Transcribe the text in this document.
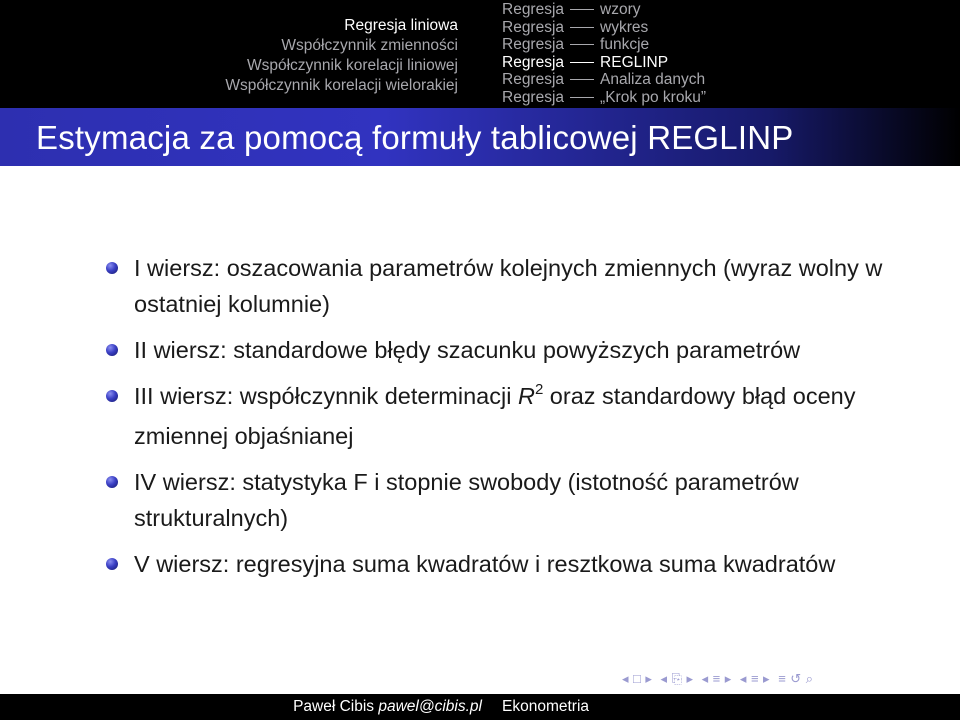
Regresja liniowa
Współczynnik zmienności
Współczynnik korelacji liniowej
Współczynnik korelacji wielorakiej
Regresja wzory
Regresja wykres
Regresja funkcje
Regresja REGLINP
Regresja Analiza danych
Regresja „Krok po kroku”
Estymacja za pomocą formuły tablicowej REGLINP
I wiersz: oszacowania parametrów kolejnych zmiennych (wyraz wolny w ostatniej kolumnie)
II wiersz: standardowe błędy szacunku powyższych parametrów
III wiersz: współczynnik determinacji $R^2$ oraz standardowy błąd oceny zmiennej objaśnianej
IV wiersz: statystyka F i stopnie swobody (istotność parametrów strukturalnych)
V wiersz: regresyjna suma kwadratów i resztkowa suma kwadratów
◂ □ ▸ ◂ ⎘ ▸ ◂ ≡ ▸ ◂ ≡ ▸ ≡ ↺ ⌕
Paweł Cibis pawel@cibis.pl Ekonometria
